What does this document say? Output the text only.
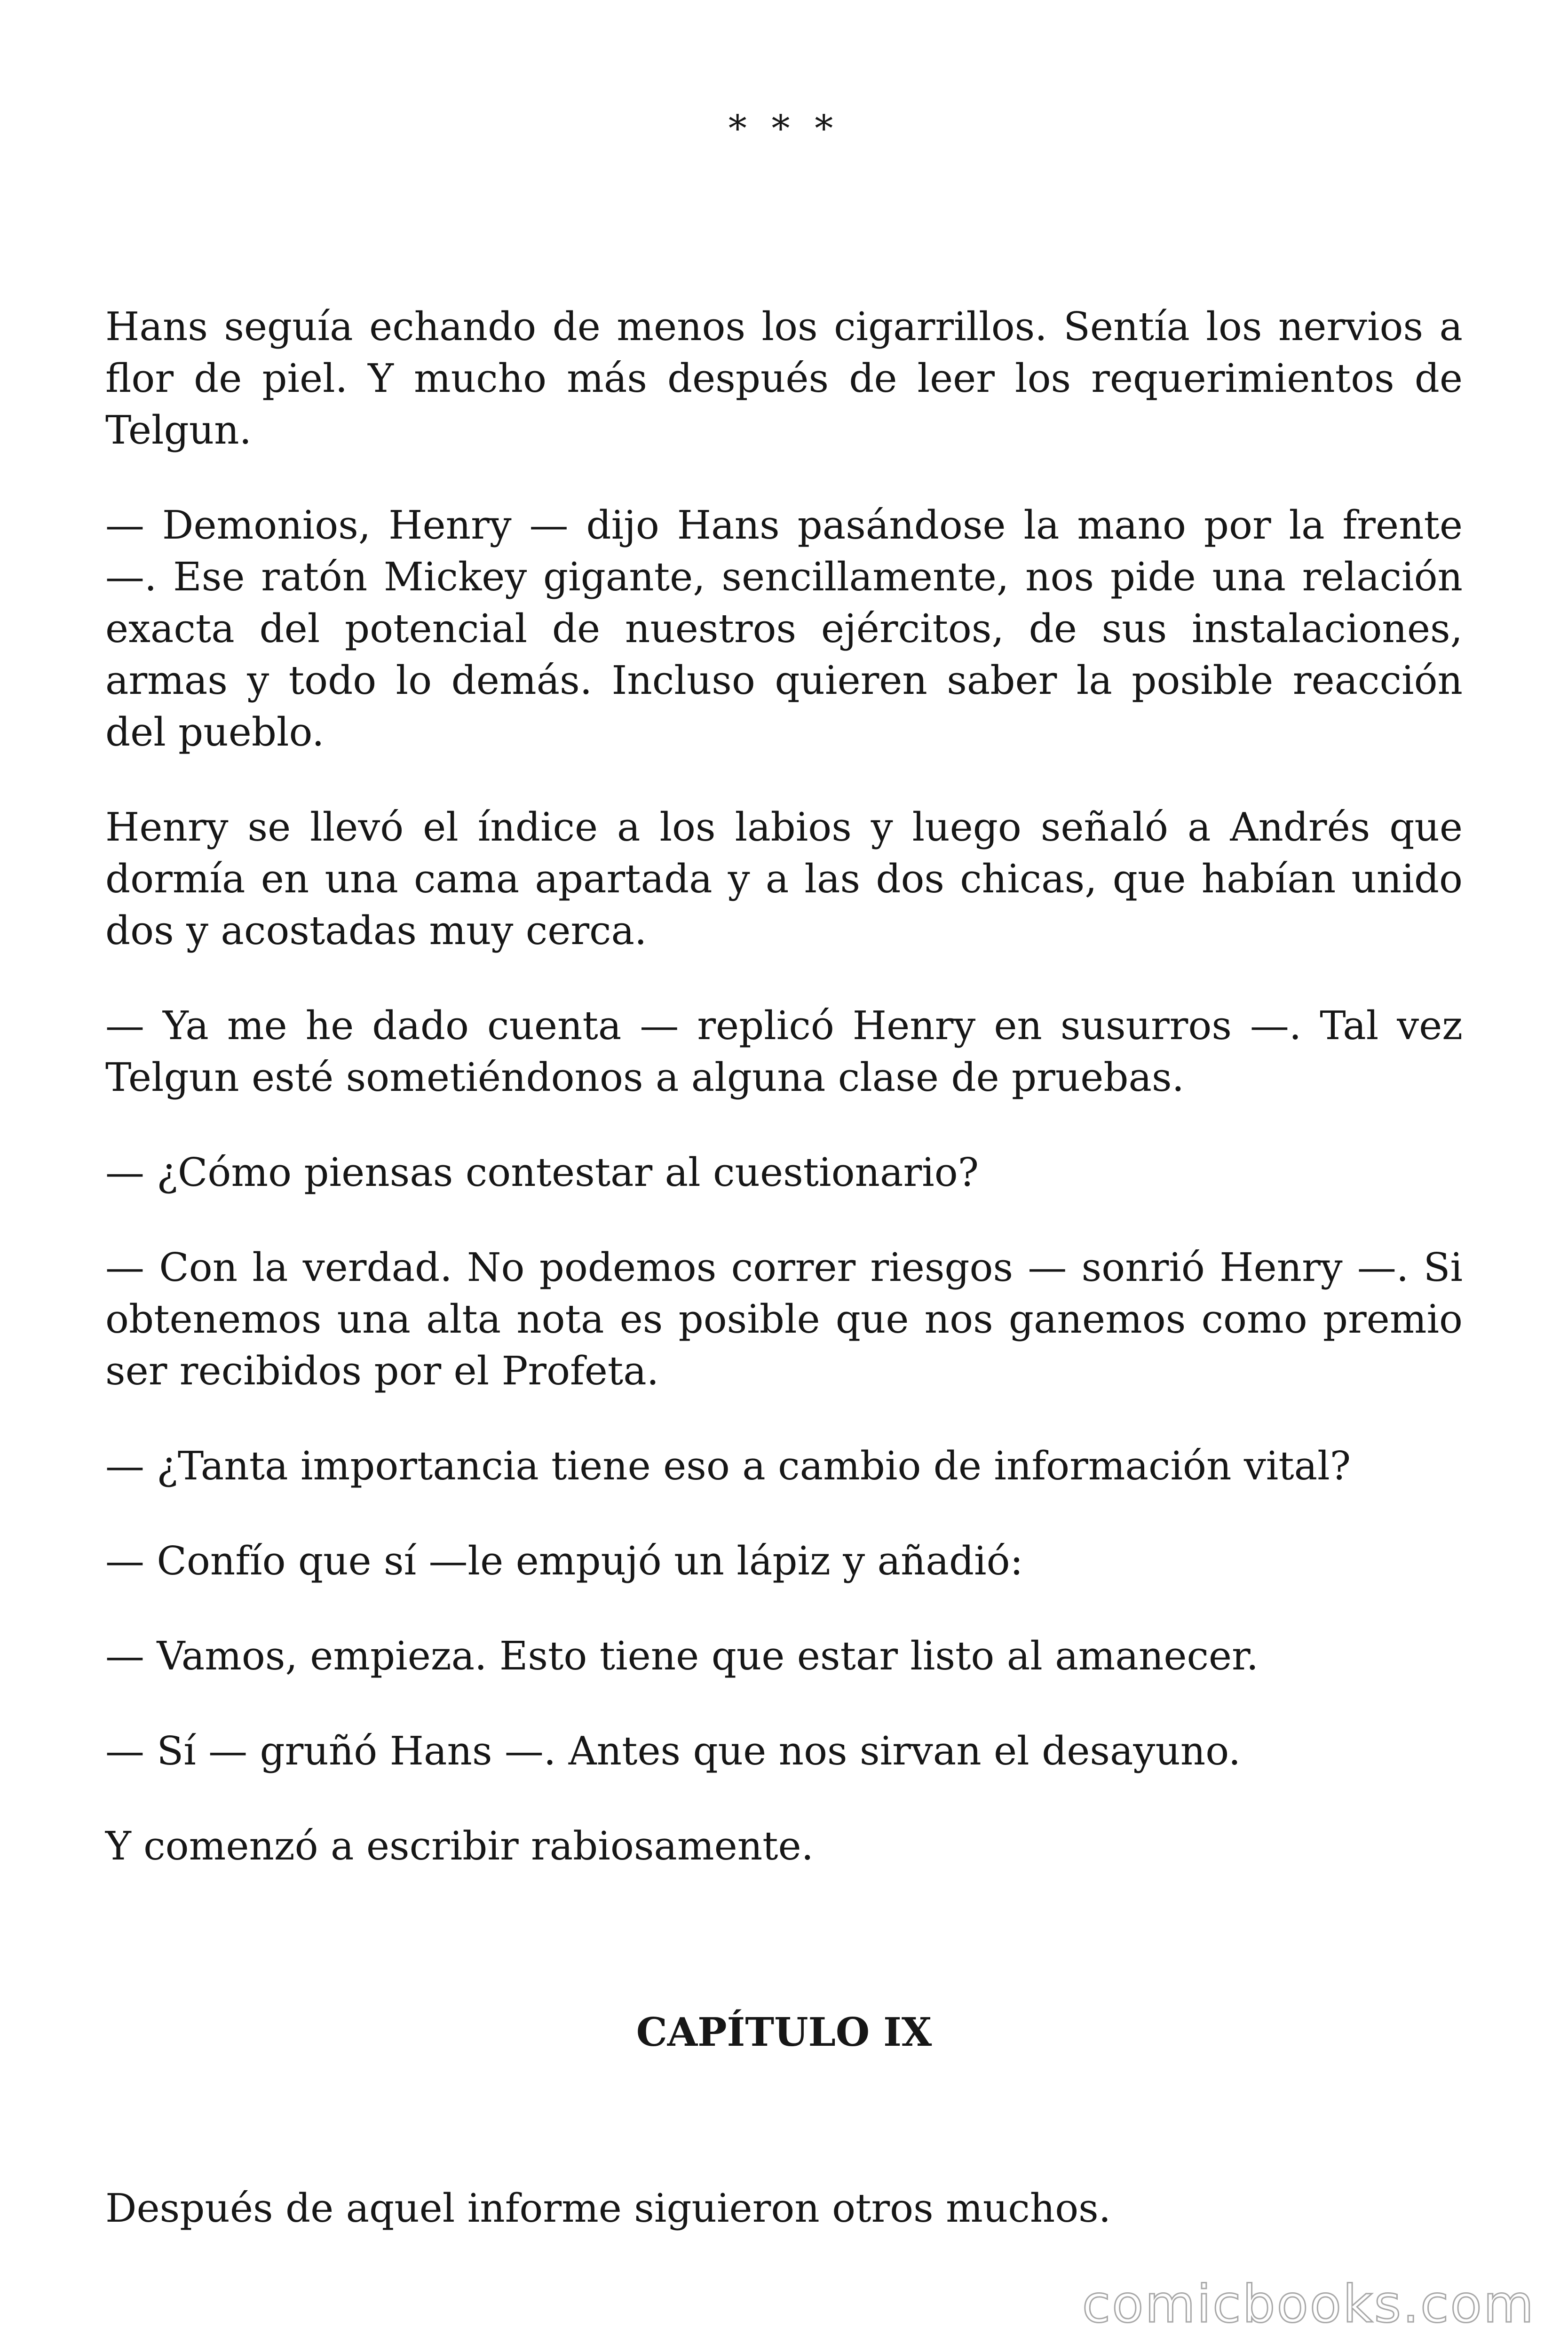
* * *

Hans seguía echando de menos los cigarrillos. Sentía los nervios a flor de piel. Y mucho más después de leer los requerimientos de Telgun.

— Demonios, Henry — dijo Hans pasándose la mano por la frente —. Ese ratón Mickey gigante, sencillamente, nos pide una relación exacta del potencial de nuestros ejércitos, de sus instalaciones, armas y todo lo demás. Incluso quieren saber la posible reacción del pueblo.

Henry se llevó el índice a los labios y luego señaló a Andrés que dormía en una cama apartada y a las dos chicas, que habían unido dos y acostadas muy cerca.

— Ya me he dado cuenta — replicó Henry en susurros —. Tal vez Telgun esté sometiéndonos a alguna clase de pruebas.

— ¿Cómo piensas contestar al cuestionario?

— Con la verdad. No podemos correr riesgos — sonrió Henry —. Si obtenemos una alta nota es posible que nos ganemos como premio ser recibidos por el Profeta.

— ¿Tanta importancia tiene eso a cambio de información vital?

— Confío que sí —le empujó un lápiz y añadió:

— Vamos, empieza. Esto tiene que estar listo al amanecer.

— Sí — gruñó Hans —. Antes que nos sirvan el desayuno.

Y comenzó a escribir rabiosamente.

CAPÍTULO IX

Después de aquel informe siguieron otros muchos.

comicbooks.com
